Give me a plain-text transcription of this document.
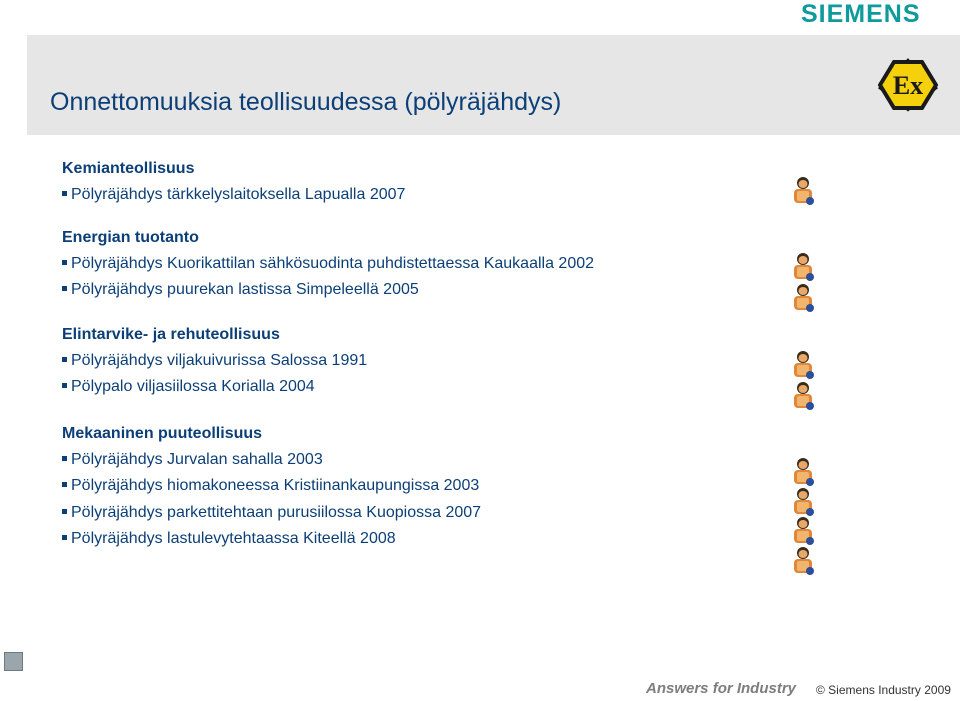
SIEMENS
Onnettomuuksia teollisuudessa (pölyräjähdys)
Ex
Kemianteollisuus
Pölyräjähdys tärkkelyslaitoksella Lapualla 2007
Energian tuotanto
Pölyräjähdys Kuorikattilan sähkösuodinta puhdistettaessa Kaukaalla 2002
Pölyräjähdys puurekan lastissa Simpeleellä 2005
Elintarvike- ja rehuteollisuus
Pölyräjähdys viljakuivurissa Salossa 1991
Pölypalo viljasiilossa Korialla 2004
Mekaaninen puuteollisuus
Pölyräjähdys Jurvalan sahalla 2003
Pölyräjähdys hiomakoneessa Kristiinankaupungissa 2003
Pölyräjähdys parkettitehtaan purusiilossa Kuopiossa 2007
Pölyräjähdys lastulevytehtaassa Kiteellä 2008
Answers for Industry © Siemens Industry 2009
